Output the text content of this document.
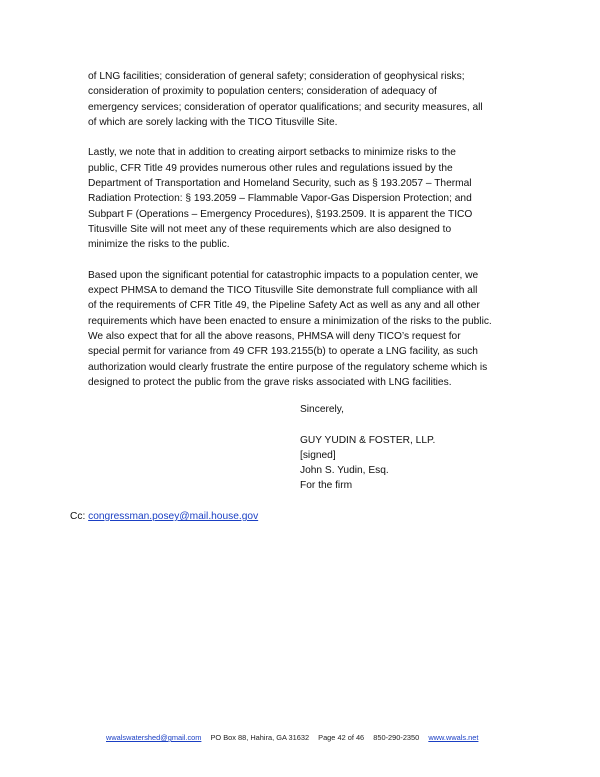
of LNG facilities; consideration of general safety; consideration of geophysical risks;
consideration of proximity to population centers; consideration of adequacy of
emergency services; consideration of operator qualifications; and security measures, all
of which are sorely lacking with the TICO Titusville Site.

Lastly, we note that in addition to creating airport setbacks to minimize risks to the
public, CFR Title 49 provides numerous other rules and regulations issued by the
Department of Transportation and Homeland Security, such as § 193.2057 – Thermal
Radiation Protection: § 193.2059 – Flammable Vapor-Gas Dispersion Protection; and
Subpart F (Operations – Emergency Procedures), §193.2509. It is apparent the TICO
Titusville Site will not meet any of these requirements which are also designed to
minimize the risks to the public.

Based upon the significant potential for catastrophic impacts to a population center, we
expect PHMSA to demand the TICO Titusville Site demonstrate full compliance with all
of the requirements of CFR Title 49, the Pipeline Safety Act as well as any and all other
requirements which have been enacted to ensure a minimization of the risks to the public.
We also expect that for all the above reasons, PHMSA will deny TICO’s request for
special permit for variance from 49 CFR 193.2155(b) to operate a LNG facility, as such
authorization would clearly frustrate the entire purpose of the regulatory scheme which is
designed to protect the public from the grave risks associated with LNG facilities.

Sincerely,
GUY YUDIN & FOSTER, LLP.
[signed]
John S. Yudin, Esq.
For the firm
Cc: congressman.posey@mail.house.gov
wwalswatershed@gmail.com PO Box 88, Hahira, GA 31632 Page 42 of 46 850-290-2350 www.wwals.net
